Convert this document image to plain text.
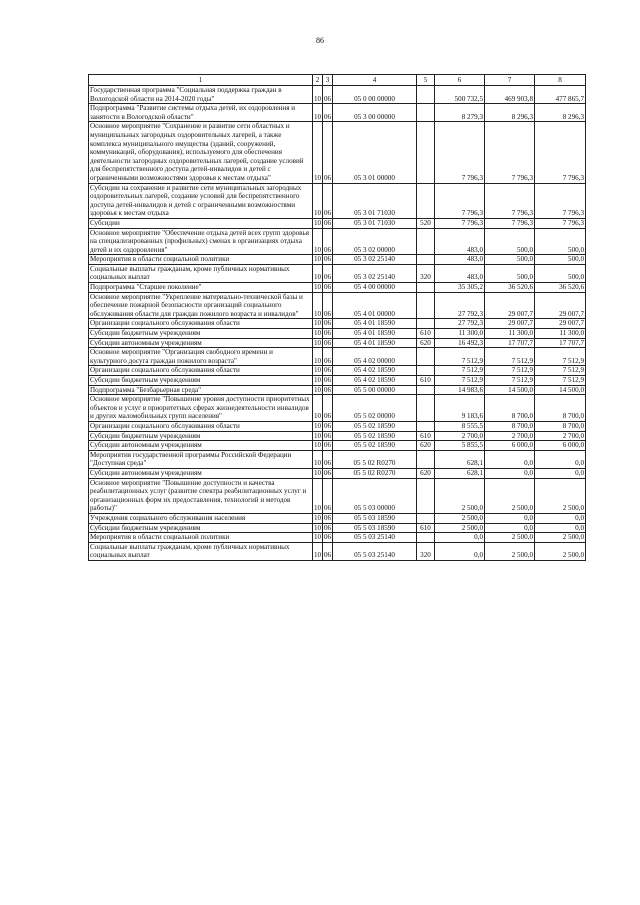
86
1	2	3	4	5	6	7	8
Государственная программа "Социальная поддержка граждан в Вологодской области на 2014-2020 годы"	10	06	05 0 00 00000		500 732,5	469 903,8	477 865,7
Подпрограмма "Развитие системы отдыха детей, их оздоровления и занятости в Вологодской области"	10	06	05 3 00 00000		8 279,3	8 296,3	8 296,3
Основное мероприятие "Сохранение и развитие сети областных и муниципальных загородных оздоровительных лагерей, а также комплекса муниципального имущества (зданий, сооружений, коммуникаций, оборудования), используемого для обеспечения деятельности загородных оздоровительных лагерей, создание условий для беспрепятственного доступа детей-инвалидов и детей с ограниченными возможностями здоровья к местам отдыха"	10	06	05 3 01 00000		7 796,3	7 796,3	7 796,3
Субсидии на сохранение и развитие сети муниципальных загородных оздоровительных лагерей, создание условий для беспрепятственного доступа детей-инвалидов и детей с ограниченными возможностями здоровья к местам отдыха	10	06	05 3 01 71030		7 796,3	7 796,3	7 796,3
Субсидии	10	06	05 3 01 71030	520	7 796,3	7 796,3	7 796,3
Основное мероприятие "Обеспечение отдыха детей всех групп здоровья на специализированных (профильных) сменах в организациях отдыха детей и их оздоровления"	10	06	05 3 02 00000		483,0	500,0	500,0
Мероприятия в области социальной политики	10	06	05 3 02 25140		483,0	500,0	500,0
Социальные выплаты гражданам, кроме публичных нормативных социальных выплат	10	06	05 3 02 25140	320	483,0	500,0	500,0
Подпрограмма "Старшее поколение"	10	06	05 4 00 00000		35 305,2	36 520,6	36 520,6
Основное мероприятие "Укрепление материально-технической базы и обеспечение пожарной безопасности организаций социального обслуживания области для граждан пожилого возраста и инвалидов"	10	06	05 4 01 00000		27 792,3	29 007,7	29 007,7
Организации социального обслуживания области	10	06	05 4 01 18590		27 792,3	29 007,7	29 007,7
Субсидии бюджетным учреждениям	10	06	05 4 01 18590	610	11 300,0	11 300,0	11 300,0
Субсидии автономным учреждениям	10	06	05 4 01 18590	620	16 492,3	17 707,7	17 707,7
Основное мероприятие "Организация свободного времени и культурного досуга граждан пожилого возраста"	10	06	05 4 02 00000		7 512,9	7 512,9	7 512,9
Организации социального обслуживания области	10	06	05 4 02 18590		7 512,9	7 512,9	7 512,9
Субсидии бюджетным учреждениям	10	06	05 4 02 18590	610	7 512,9	7 512,9	7 512,9
Подпрограмма "Безбарьерная среда"	10	06	05 5 00 00000		14 983,6	14 500,0	14 500,0
Основное мероприятие "Повышение уровня доступности приоритетных объектов и услуг в приоритетных сферах жизнедеятельности инвалидов и других маломобильных групп населения"	10	06	05 5 02 00000		9 183,6	8 700,0	8 700,0
Организации социального обслуживания области	10	06	05 5 02 18590		8 555,5	8 700,0	8 700,0
Субсидии бюджетным учреждениям	10	06	05 5 02 18590	610	2 700,0	2 700,0	2 700,0
Субсидии автономным учреждениям	10	06	05 5 02 18590	620	5 855,5	6 000,0	6 000,0
Мероприятия государственной программы Российской Федерации "Доступная среда"	10	06	05 5 02 R0270		628,1	0,0	0,0
Субсидии автономным учреждениям	10	06	05 5 02 R0270	620	628,1	0,0	0,0
Основное мероприятие "Повышение доступности и качества реабилитационных услуг (развитие спектра реабилитационных услуг и организационных форм их предоставления, технологий и методов работы)"	10	06	05 5 03 00000		2 500,0	2 500,0	2 500,0
Учреждения социального обслуживания населения	10	06	05 5 03 18590		2 500,0	0,0	0,0
Субсидии бюджетным учреждениям	10	06	05 5 03 18590	610	2 500,0	0,0	0,0
Мероприятия в области социальной политики	10	06	05 5 03 25140		0,0	2 500,0	2 500,0
Социальные выплаты гражданам, кроме публичных нормативных социальных выплат	10	06	05 5 03 25140	320	0,0	2 500,0	2 500,0
